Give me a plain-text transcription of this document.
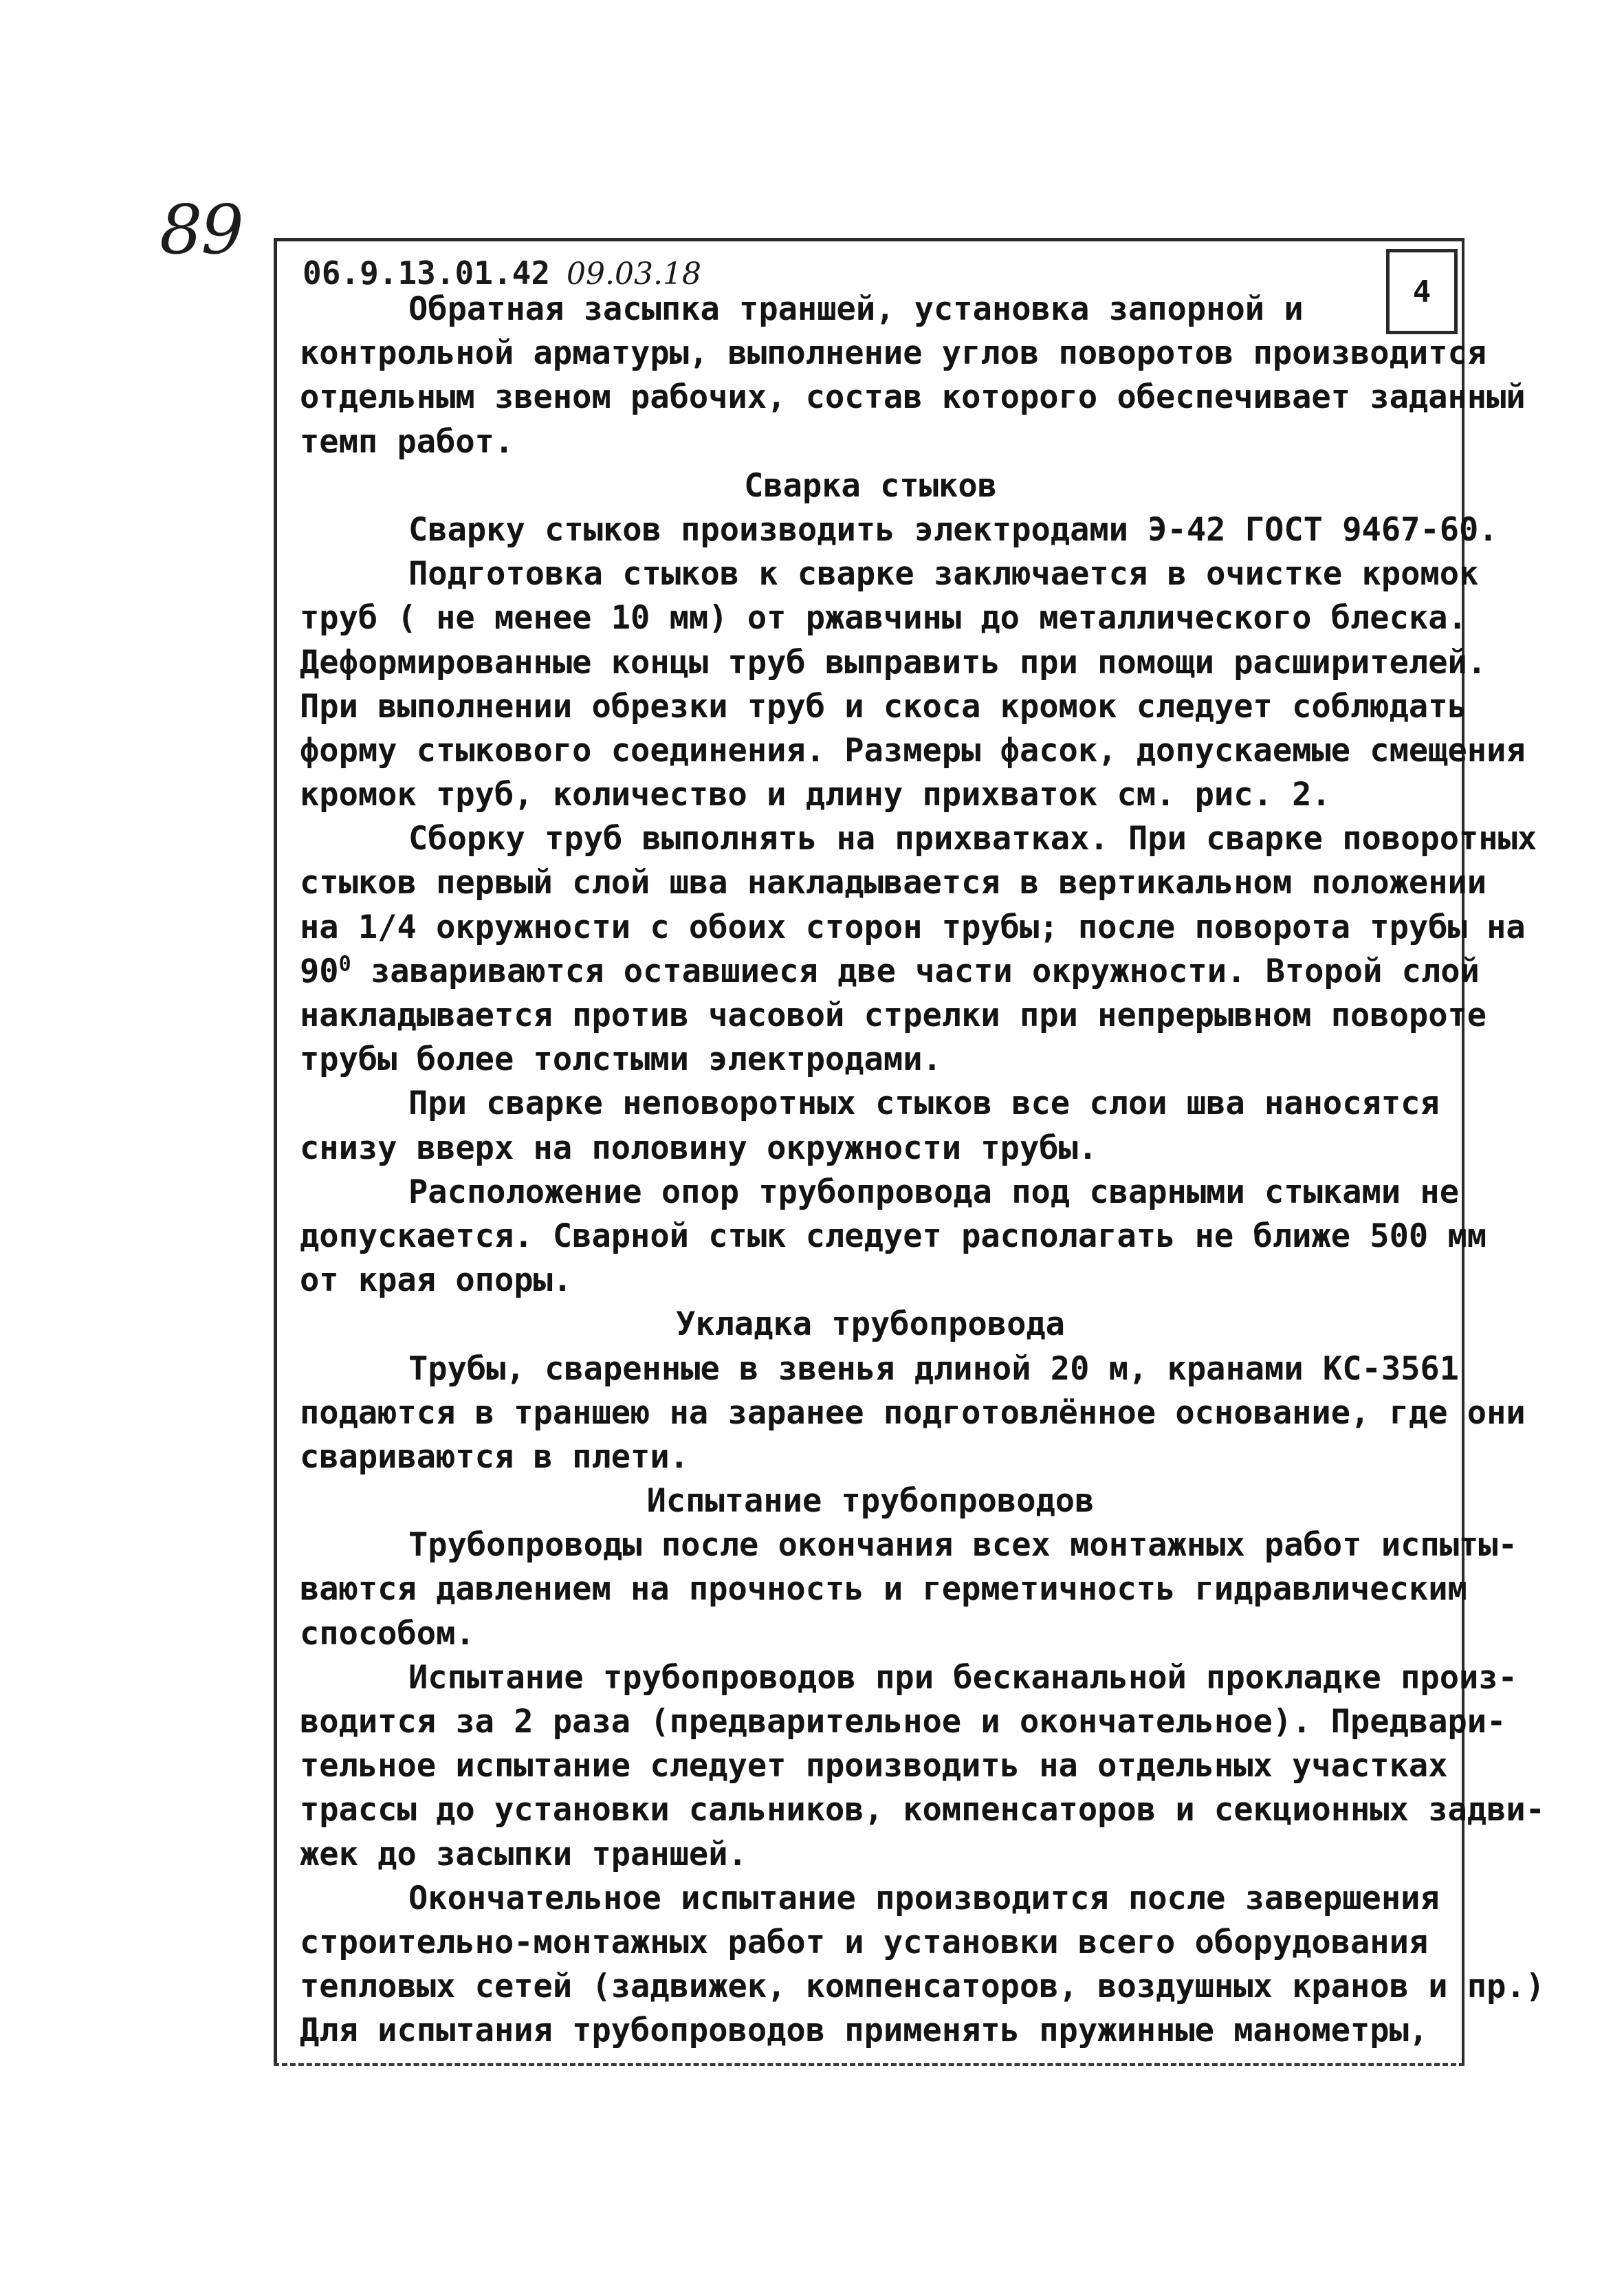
89
4
06.9.13.01.42 09.03.18
Обратная засыпка траншей, установка запорной и
контрольной арматуры, выполнение углов поворотов производится
отдельным звеном рабочих, состав которого обеспечивает заданный
темп работ.
Сварка стыков
Сварку стыков производить электродами Э-42 ГОСТ 9467-60.
Подготовка стыков к сварке заключается в очистке кромок
труб ( не менее 10 мм) от ржавчины до металлического блеска.
Деформированные концы труб выправить при помощи расширителей.
При выполнении обрезки труб и скоса кромок следует соблюдать
форму стыкового соединения. Размеры фасок, допускаемые смещения
кромок труб, количество и длину прихваток см. рис. 2.
Сборку труб выполнять на прихватках. При сварке поворотных
стыков первый слой шва накладывается в вертикальном положении
на 1/4 окружности с обоих сторон трубы; после поворота трубы на
$90^0$ завариваются оставшиеся две части окружности. Второй слой
накладывается против часовой стрелки при непрерывном повороте
трубы более толстыми электродами.
При сварке неповоротных стыков все слои шва наносятся
снизу вверх на половину окружности трубы.
Расположение опор трубопровода под сварными стыками не
допускается. Сварной стык следует располагать не ближе 500 мм
от края опоры.
Укладка трубопровода
Трубы, сваренные в звенья длиной 20 м, кранами КС-3561
подаются в траншею на заранее подготовлённое основание, где они
свариваются в плети.
Испытание трубопроводов
Трубопроводы после окончания всех монтажных работ испыты-
ваются давлением на прочность и герметичность гидравлическим
способом.
Испытание трубопроводов при бесканальной прокладке произ-
водится за 2 раза (предварительное и окончательное). Предвари-
тельное испытание следует производить на отдельных участках
трассы до установки сальников, компенсаторов и секционных задви-
жек до засыпки траншей.
Окончательное испытание производится после завершения
строительно-монтажных работ и установки всего оборудования
тепловых сетей (задвижек, компенсаторов, воздушных кранов и пр.)
Для испытания трубопроводов применять пружинные манометры,
